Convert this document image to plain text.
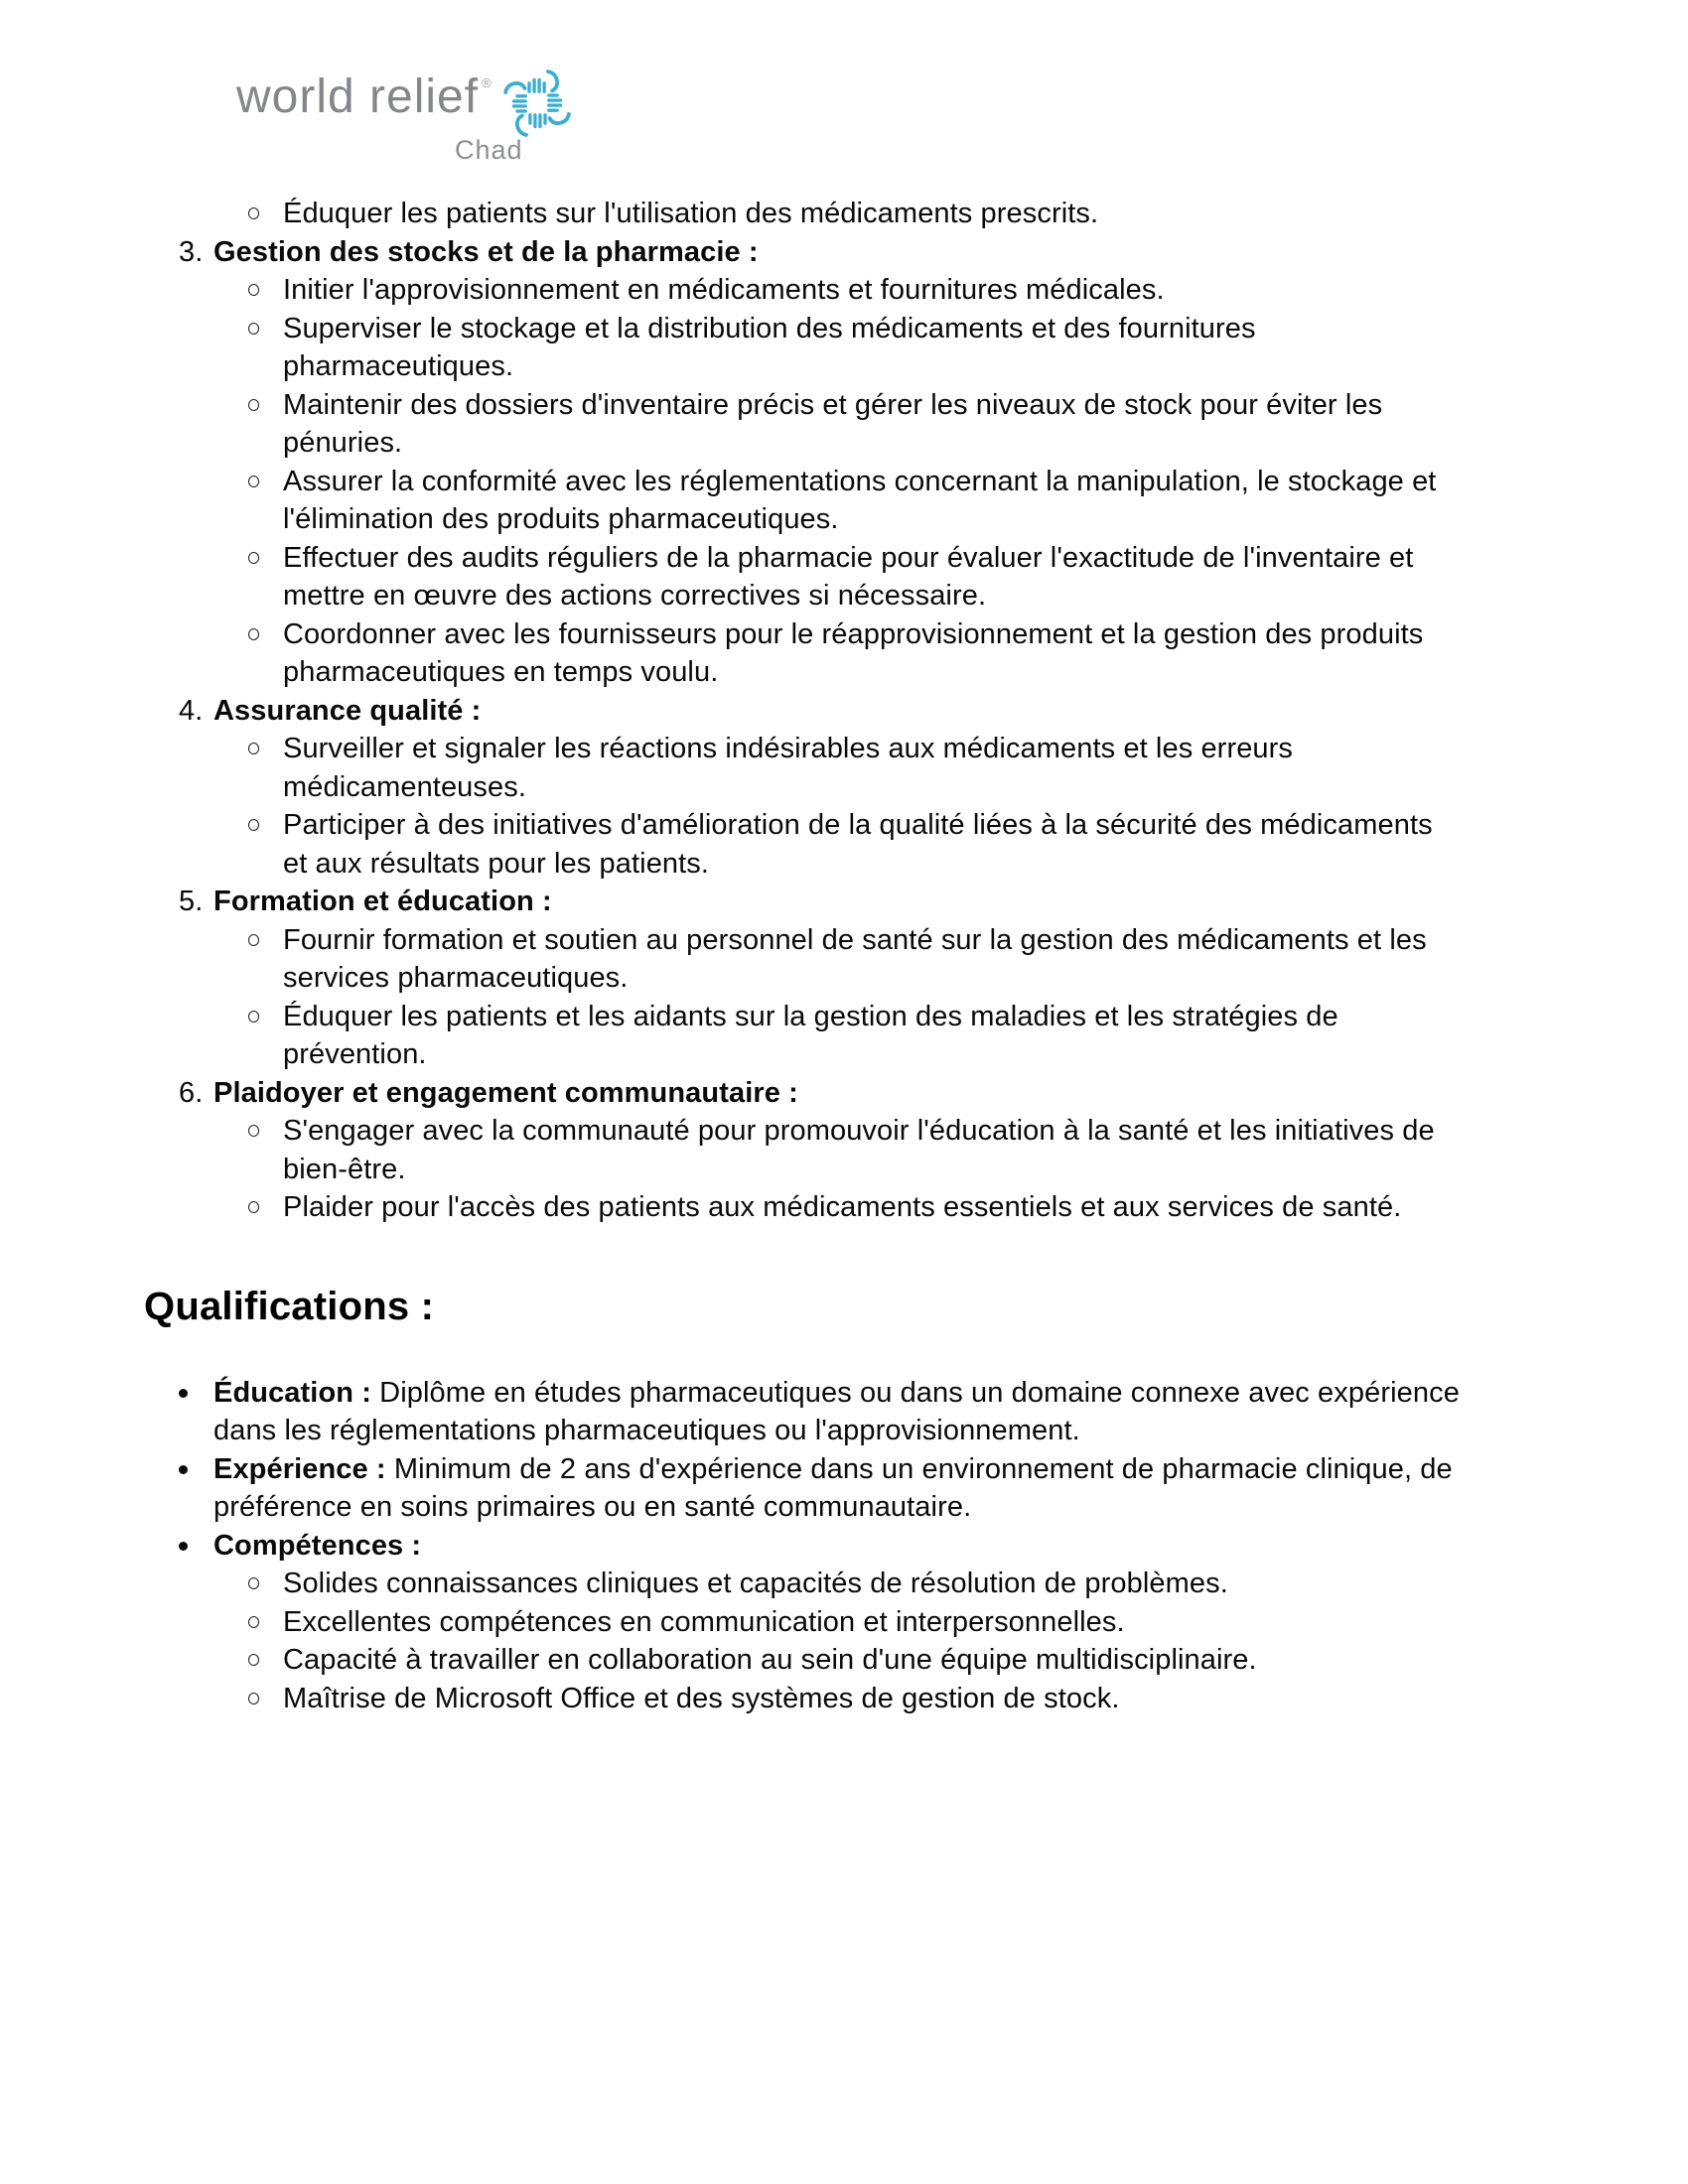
world relief ®
Chad
Éduquer les patients sur l'utilisation des médicaments prescrits.
3. Gestion des stocks et de la pharmacie :
Initier l'approvisionnement en médicaments et fournitures médicales.
Superviser le stockage et la distribution des médicaments et des fournitures pharmaceutiques.
Maintenir des dossiers d'inventaire précis et gérer les niveaux de stock pour éviter les pénuries.
Assurer la conformité avec les réglementations concernant la manipulation, le stockage et l'élimination des produits pharmaceutiques.
Effectuer des audits réguliers de la pharmacie pour évaluer l'exactitude de l'inventaire et mettre en œuvre des actions correctives si nécessaire.
Coordonner avec les fournisseurs pour le réapprovisionnement et la gestion des produits pharmaceutiques en temps voulu.
4. Assurance qualité :
Surveiller et signaler les réactions indésirables aux médicaments et les erreurs médicamenteuses.
Participer à des initiatives d'amélioration de la qualité liées à la sécurité des médicaments et aux résultats pour les patients.
5. Formation et éducation :
Fournir formation et soutien au personnel de santé sur la gestion des médicaments et les services pharmaceutiques.
Éduquer les patients et les aidants sur la gestion des maladies et les stratégies de prévention.
6. Plaidoyer et engagement communautaire :
S'engager avec la communauté pour promouvoir l'éducation à la santé et les initiatives de bien-être.
Plaider pour l'accès des patients aux médicaments essentiels et aux services de santé.
Qualifications :
Éducation : Diplôme en études pharmaceutiques ou dans un domaine connexe avec expérience dans les réglementations pharmaceutiques ou l'approvisionnement.
Expérience : Minimum de 2 ans d'expérience dans un environnement de pharmacie clinique, de préférence en soins primaires ou en santé communautaire.
Compétences :
Solides connaissances cliniques et capacités de résolution de problèmes.
Excellentes compétences en communication et interpersonnelles.
Capacité à travailler en collaboration au sein d'une équipe multidisciplinaire.
Maîtrise de Microsoft Office et des systèmes de gestion de stock.
